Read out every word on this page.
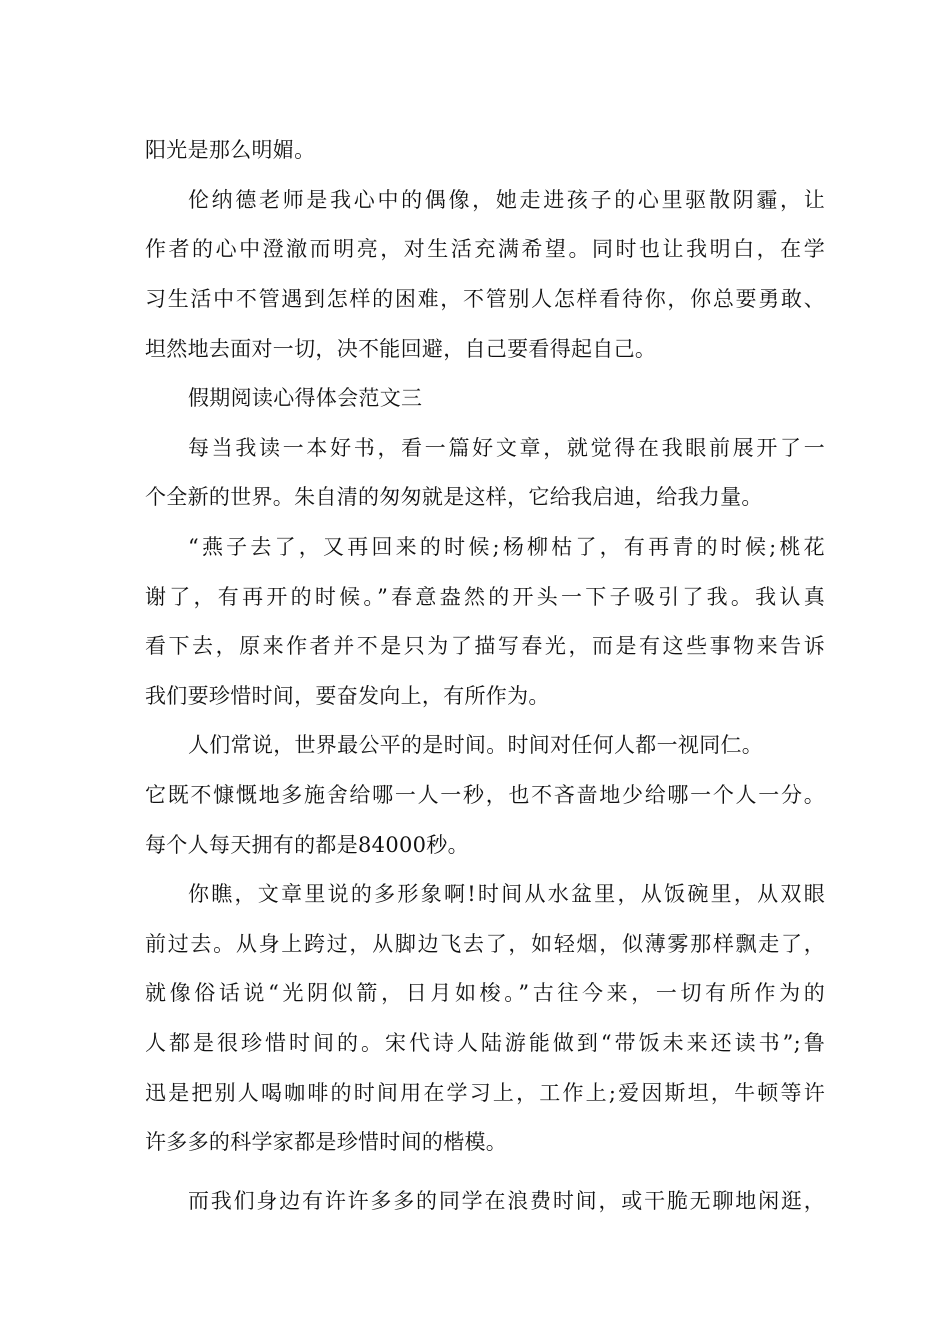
阳光是那么明媚。
伦纳德老师是我心中的偶像，她走进孩子的心里驱散阴霾，让
作者的心中澄澈而明亮，对生活充满希望。同时也让我明白，在学
习生活中不管遇到怎样的困难，不管别人怎样看待你，你总要勇敢、
坦然地去面对一切，决不能回避，自己要看得起自己。
假期阅读心得体会范文三
每当我读一本好书，看一篇好文章，就觉得在我眼前展开了一
个全新的世界。朱自清的匆匆就是这样，它给我启迪，给我力量。
“燕子去了，又再回来的时候;杨柳枯了，有再青的时候;桃花
谢了，有再开的时候。”春意盎然的开头一下子吸引了我。我认真
看下去，原来作者并不是只为了描写春光，而是有这些事物来告诉
我们要珍惜时间，要奋发向上，有所作为。
人们常说，世界最公平的是时间。时间对任何人都一视同仁。
它既不慷慨地多施舍给哪一人一秒，也不吝啬地少给哪一个人一分。
每个人每天拥有的都是84000秒。
你瞧，文章里说的多形象啊!时间从水盆里，从饭碗里，从双眼
前过去。从身上跨过，从脚边飞去了，如轻烟，似薄雾那样飘走了，
就像俗话说“光阴似箭，日月如梭。”古往今来，一切有所作为的
人都是很珍惜时间的。宋代诗人陆游能做到“带饭未来还读书”;鲁
迅是把别人喝咖啡的时间用在学习上，工作上;爱因斯坦，牛顿等许
许多多的科学家都是珍惜时间的楷模。
而我们身边有许许多多的同学在浪费时间，或干脆无聊地闲逛，
